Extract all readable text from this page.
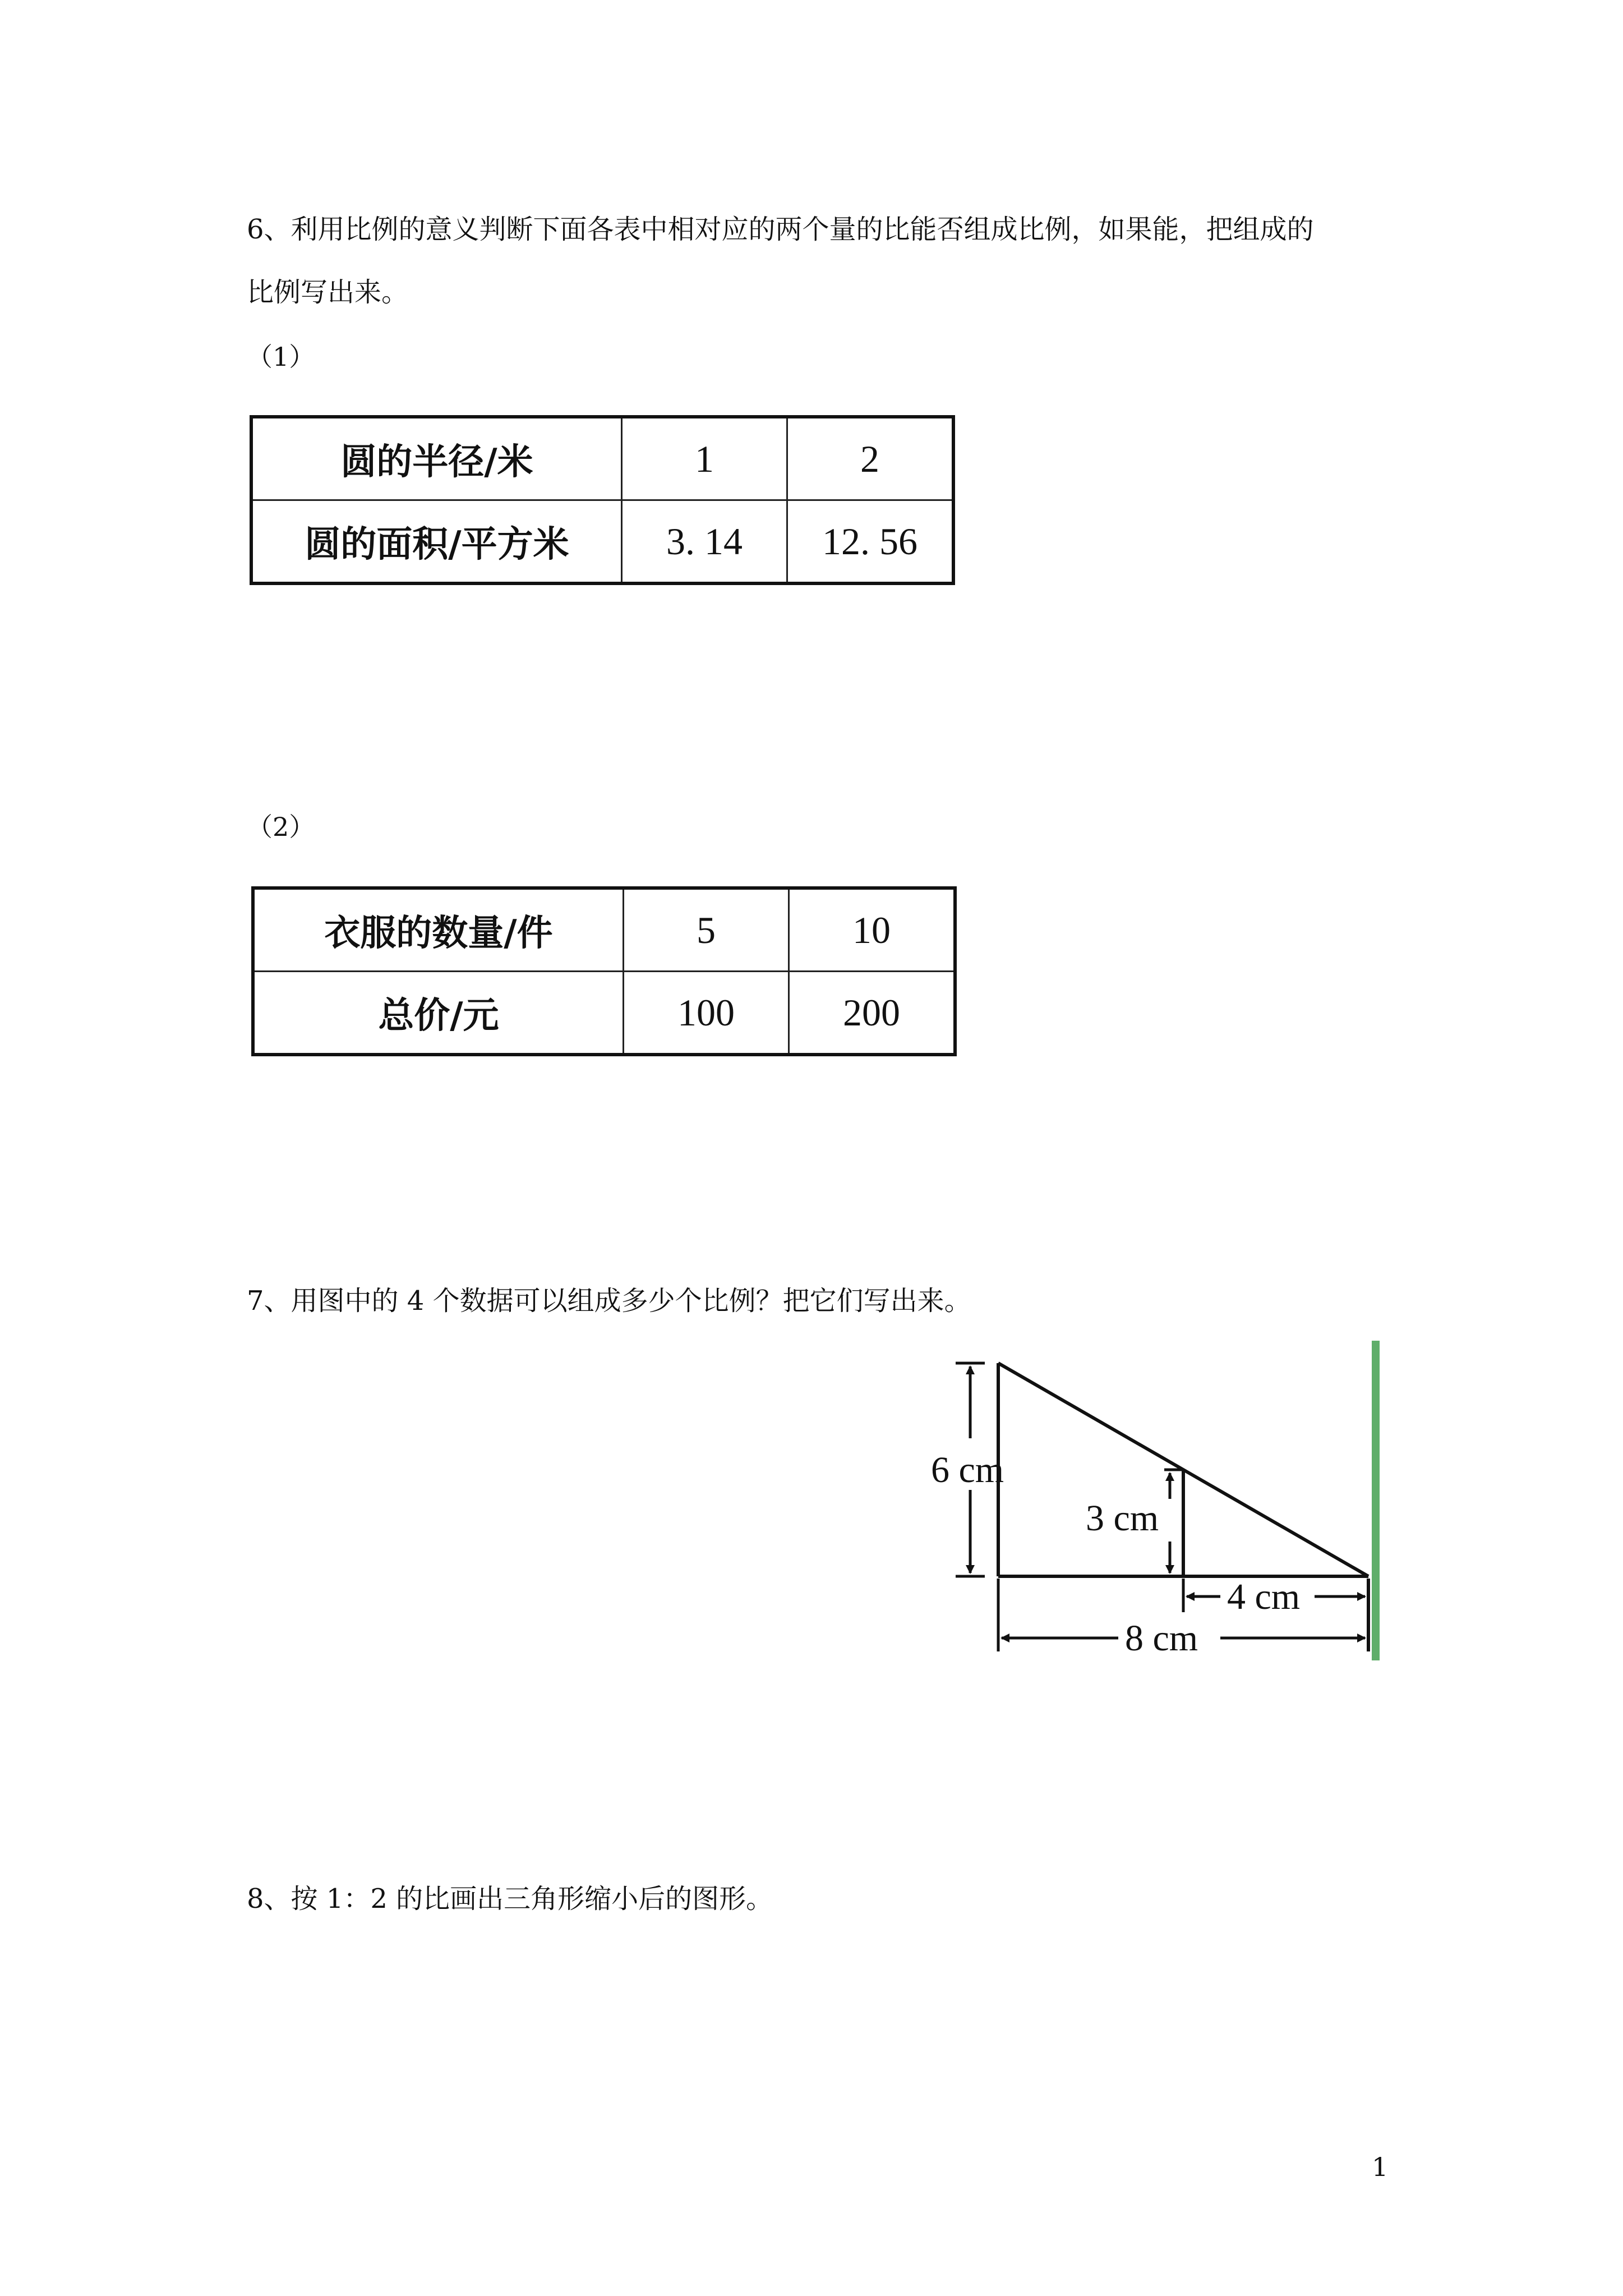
6、利用比例的意义判断下面各表中相对应的两个量的比能否组成比例，如果能，把组成的
比例写出来。
（1）
圆的半径/米	1	2
圆的面积/平方米	3. 14	12. 56
（2）
衣服的数量/件	5	10
总价/元	100	200
7、用图中的 4 个数据可以组成多少个比例？把它们写出来。
6 cm
3 cm
4 cm
8 cm
8、按 1：2 的比画出三角形缩小后的图形。
1
